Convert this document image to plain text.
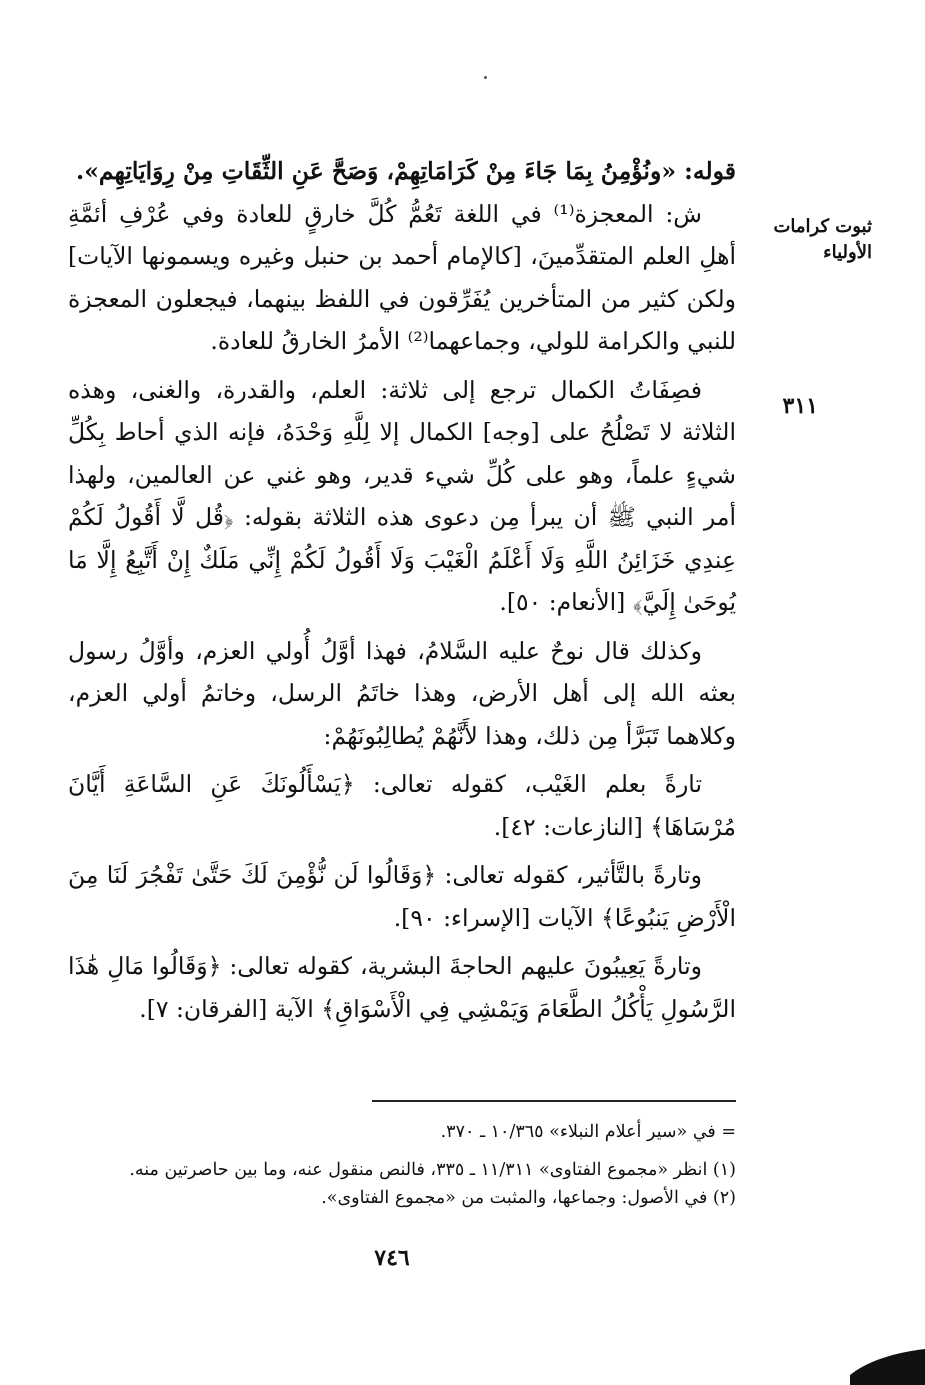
ثبوت كرامات الأولياء
٣١١

قوله: «ونُؤْمِنُ بِمَا جَاءَ مِنْ كَرَامَاتِهِمْ، وَصَحَّ عَنِ الثِّقَاتِ مِنْ رِوَايَاتِهِم».

ش: المعجزة⁽¹⁾ في اللغة تَعُمُّ كُلَّ خارقٍ للعادة وفي عُرْفِ أئمَّةِ أهلِ العلم المتقدِّمينَ، [كالإمام أحمد بن حنبل وغيره ويسمونها الآيات] ولكن كثير من المتأخرين يُفَرِّقون في اللفظ بينهما، فيجعلون المعجزة للنبي والكرامة للولي، وجماعهما⁽²⁾ الأمرُ الخارقُ للعادة.

فصِفَاتُ الكمال ترجع إلى ثلاثة: العلم، والقدرة، والغنى، وهذه الثلاثة لا تَصْلُحُ على [وجه] الكمال إلا لِلَّهِ وَحْدَهُ، فإنه الذي أحاط بِكُلِّ شيءٍ علماً، وهو على كُلِّ شيء قدير، وهو غني عن العالمين، ولهذا أمر النبي ﷺ أن يبرأ مِن دعوى هذه الثلاثة بقوله: ﴿قُل لَّا أَقُولُ لَكُمْ عِندِي خَزَائِنُ اللَّهِ وَلَا أَعْلَمُ الْغَيْبَ وَلَا أَقُولُ لَكُمْ إِنِّي مَلَكٌ إِنْ أَتَّبِعُ إِلَّا مَا يُوحَىٰ إِلَيَّ﴾ [الأنعام: ٥٠].

وكذلك قال نوحٌ عليه السَّلامُ، فهذا أوَّلُ أُولي العزم، وأوَّلُ رسول بعثه الله إلى أهل الأرض، وهذا خاتَمُ الرسل، وخاتمُ أولي العزم، وكلاهما تَبَرَّأ مِن ذلك، وهذا لأَنَّهُمْ يُطالِبُونَهُمْ:

تارةً بعلم الغَيْب، كقوله تعالى: ﴿يَسْأَلُونَكَ عَنِ السَّاعَةِ أَيَّانَ مُرْسَاهَا﴾ [النازعات: ٤٢].

وتارةً بالتَّأثير، كقوله تعالى: ﴿وَقَالُوا لَن نُّؤْمِنَ لَكَ حَتَّىٰ تَفْجُرَ لَنَا مِنَ الْأَرْضِ يَنبُوعًا﴾ الآيات [الإسراء: ٩٠].

وتارةً يَعِيبُونَ عليهم الحاجةَ البشرية، كقوله تعالى: ﴿وَقَالُوا مَالِ هَٰذَا الرَّسُولِ يَأْكُلُ الطَّعَامَ وَيَمْشِي فِي الْأَسْوَاقِ﴾ الآية [الفرقان: ٧].

= في «سير أعلام النبلاء» ١٠/٣٦٥ ـ ٣٧٠.

(١) انظر «مجموع الفتاوى» ١١/٣١١ ـ ٣٣٥، فالنص منقول عنه، وما بين حاصرتين منه.

(٢) في الأصول: وجماعها، والمثبت من «مجموع الفتاوى».

٧٤٦
